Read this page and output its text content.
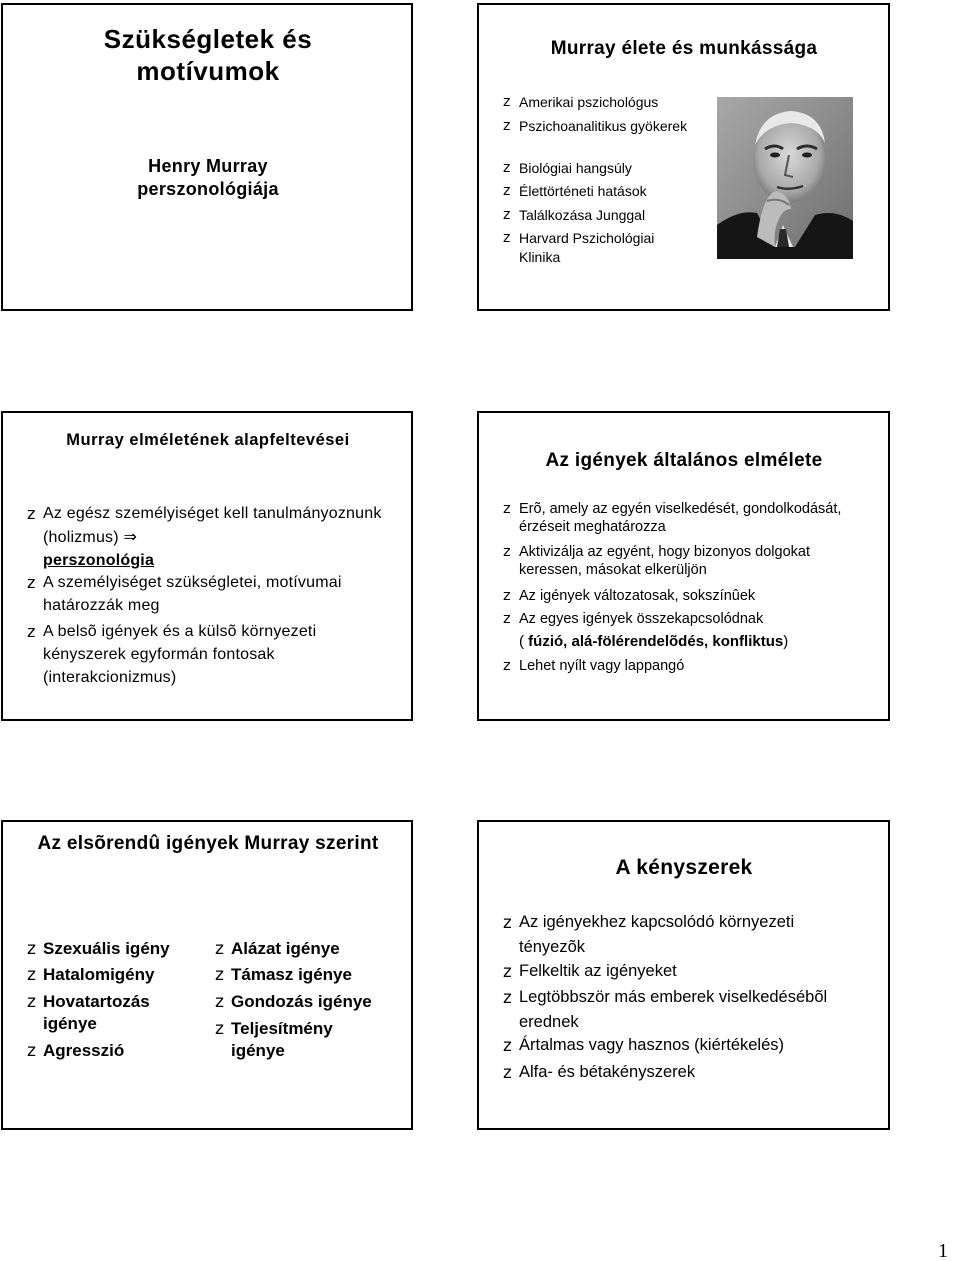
Szükségletek és motívumok
Henry Murray perszonológiája
Murray élete és munkássága
z Amerikai pszichológus
z Pszichoanalitikus gyökerek
z Biológiai hangsúly
z Élettörténeti hatások
z Találkozása Junggal
z Harvard Pszichológiai Klinika
Murray elméletének alapfeltevései
z Az egész személyiséget kell tanulmányoznunk (holizmus) ⇒
perszonológia
z A személyiséget szükségletei, motívumai határozzák meg
z A belsõ igények és a külsõ környezeti kényszerek egyformán fontosak (interakcionizmus)
Az igények általános elmélete
z Erõ, amely az egyén viselkedését, gondolkodását, érzéseit meghatározza
z Aktivizálja az egyént, hogy bizonyos dolgokat keressen, másokat elkerüljön
z Az igények változatosak, sokszínûek
z Az egyes igények összekapcsolódnak
( fúzió, alá-fölérendelõdés, konfliktus)
z Lehet nyílt vagy lappangó
Az elsõrendû igények Murray szerint
z Szexuális igény
z Hatalomigény
z Hovatartozás igénye
z Agresszió
z Alázat igénye
z Támasz igénye
z Gondozás igénye
z Teljesítmény igénye
A kényszerek
z Az igényekhez kapcsolódó környezeti tényezõk
z Felkeltik az igényeket
z Legtöbbször más emberek viselkedésébõl erednek
z Ártalmas vagy hasznos (kiértékelés)
z Alfa- és bétakényszerek
1
